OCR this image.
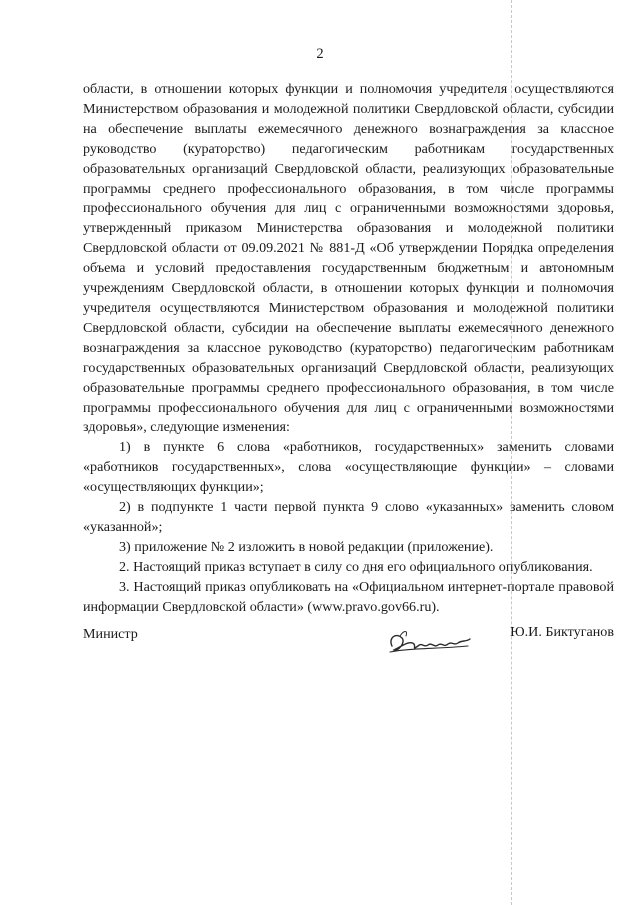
2

области, в отношении которых функции и полномочия учредителя осуществляются Министерством образования и молодежной политики Свердловской области, субсидии на обеспечение выплаты ежемесячного денежного вознаграждения за классное руководство (кураторство) педагогическим работникам государственных образовательных организаций Свердловской области, реализующих образовательные программы среднего профессионального образования, в том числе программы профессионального обучения для лиц с ограниченными возможностями здоровья, утвержденный приказом Министерства образования и молодежной политики Свердловской области от 09.09.2021 № 881-Д «Об утверждении Порядка определения объема и условий предоставления государственным бюджетным и автономным учреждениям Свердловской области, в отношении которых функции и полномочия учредителя осуществляются Министерством образования и молодежной политики Свердловской области, субсидии на обеспечение выплаты ежемесячного денежного вознаграждения за классное руководство (кураторство) педагогическим работникам государственных образовательных организаций Свердловской области, реализующих образовательные программы среднего профессионального образования, в том числе программы профессионального обучения для лиц с ограниченными возможностями здоровья», следующие изменения:

1) в пункте 6 слова «работников, государственных» заменить словами «работников государственных», слова «осуществляющие функции» – словами «осуществляющих функции»;

2) в подпункте 1 части первой пункта 9 слово «указанных» заменить словом «указанной»;

3) приложение № 2 изложить в новой редакции (приложение).

2. Настоящий приказ вступает в силу со дня его официального опубликования.

3. Настоящий приказ опубликовать на «Официальном интернет-портале правовой информации Свердловской области» (www.pravo.gov66.ru).

Министр	Ю.И. Биктуганов
